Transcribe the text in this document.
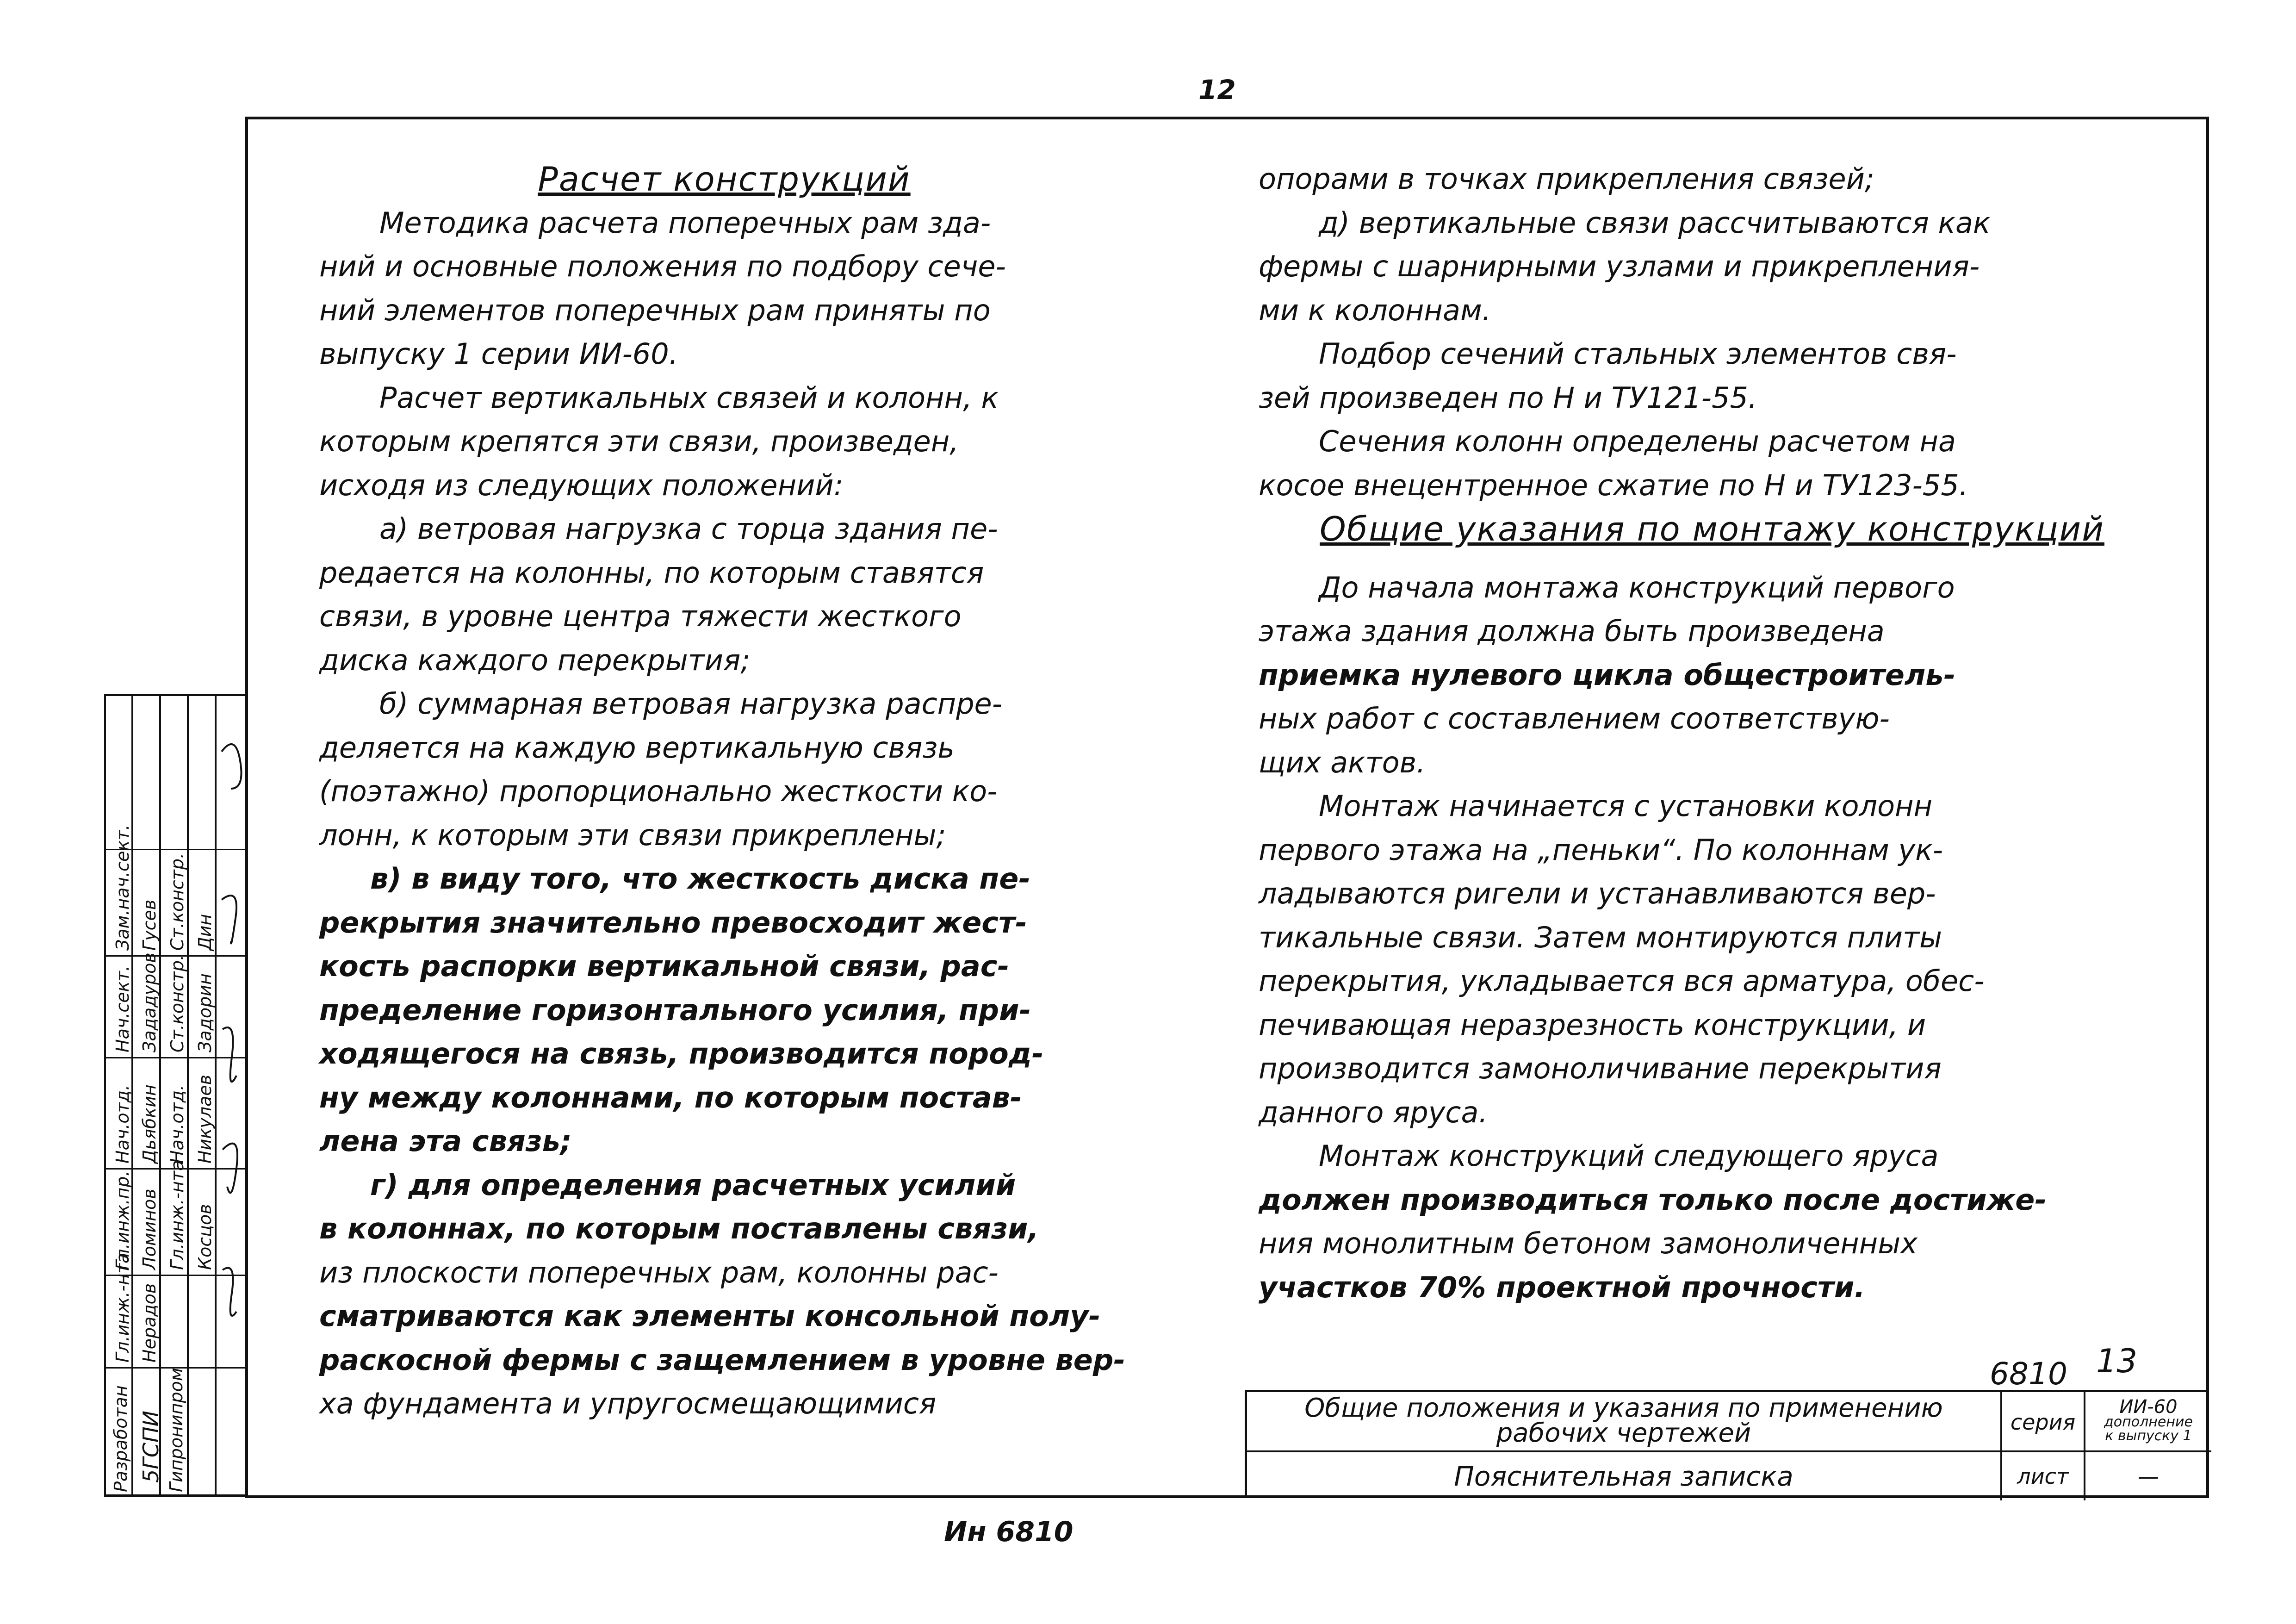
12

Расчет конструкций

Методика расчета поперечных рам зда-

ний и основные положения по подбору сече-

ний элементов поперечных рам приняты по

выпуску 1 серии ИИ-60.

Расчет вертикальных связей и колонн, к

которым крепятся эти связи, произведен,

исходя из следующих положений:

а) ветровая нагрузка с торца здания пе-

редается на колонны, по которым ставятся

связи, в уровне центра тяжести жесткого

диска каждого перекрытия;

б) суммарная ветровая нагрузка распре-

деляется на каждую вертикальную связь

(поэтажно) пропорционально жесткости ко-

лонн, к которым эти связи прикреплены;

в) в виду того, что жесткость диска пе-

рекрытия значительно превосходит жест-

кость распорки вертикальной связи, рас-

пределение горизонтального усилия, при-

ходящегося на связь, производится пород-

ну между колоннами, по которым постав-

лена эта связь;

г) для определения расчетных усилий

в колоннах, по которым поставлены связи,

из плоскости поперечных рам, колонны рас-

сматриваются как элементы консольной полу-

раскосной фермы с защемлением в уровне вер-

ха фундамента и упругосмещающимися

опорами в точках прикрепления связей;

д) вертикальные связи рассчитываются как

фермы с шарнирными узлами и прикрепления-

ми к колоннам.

Подбор сечений стальных элементов свя-

зей произведен по Н и ТУ121-55.

Сечения колонн определены расчетом на

косое внецентренное сжатие по Н и ТУ123-55.

Общие указания по монтажу конструкций

До начала монтажа конструкций первого

этажа здания должна быть произведена

приемка нулевого цикла общестроитель-

ных работ с составлением соответствую-

щих актов.

Монтаж начинается с установки колонн

первого этажа на „пеньки“. По колоннам ук-

ладываются ригели и устанавливаются вер-

тикальные связи. Затем монтируются плиты

перекрытия, укладывается вся арматура, обес-

печивающая неразрезность конструкции, и

производится замоноличивание перекрытия

данного яруса.

Монтаж конструкций следующего яруса

должен производиться только после достиже-

ния монолитным бетоном замоноличенных

участков 70% проектной прочности.

6810 13
Общие положения и указания по применению
рабочих чертежей
Пояснительная записка
серия
ИИ-60
дополнение
к выпуску 1
лист	—
Разработан 5ГСПИ Гипронипром
Гл.инж.-нта
Гл.инж.пр.
Нач.отд.
Нач.сект.
Зам.нач.сект.
Нерадов
Ломинов
Дьябкин
Зададуров
Гусев
Гл.инж.-нта
Нач.отд.
Ст.констр.
Ст.констр.
Косцов
Никулаев
Задорин
Дин
Ин 6810
